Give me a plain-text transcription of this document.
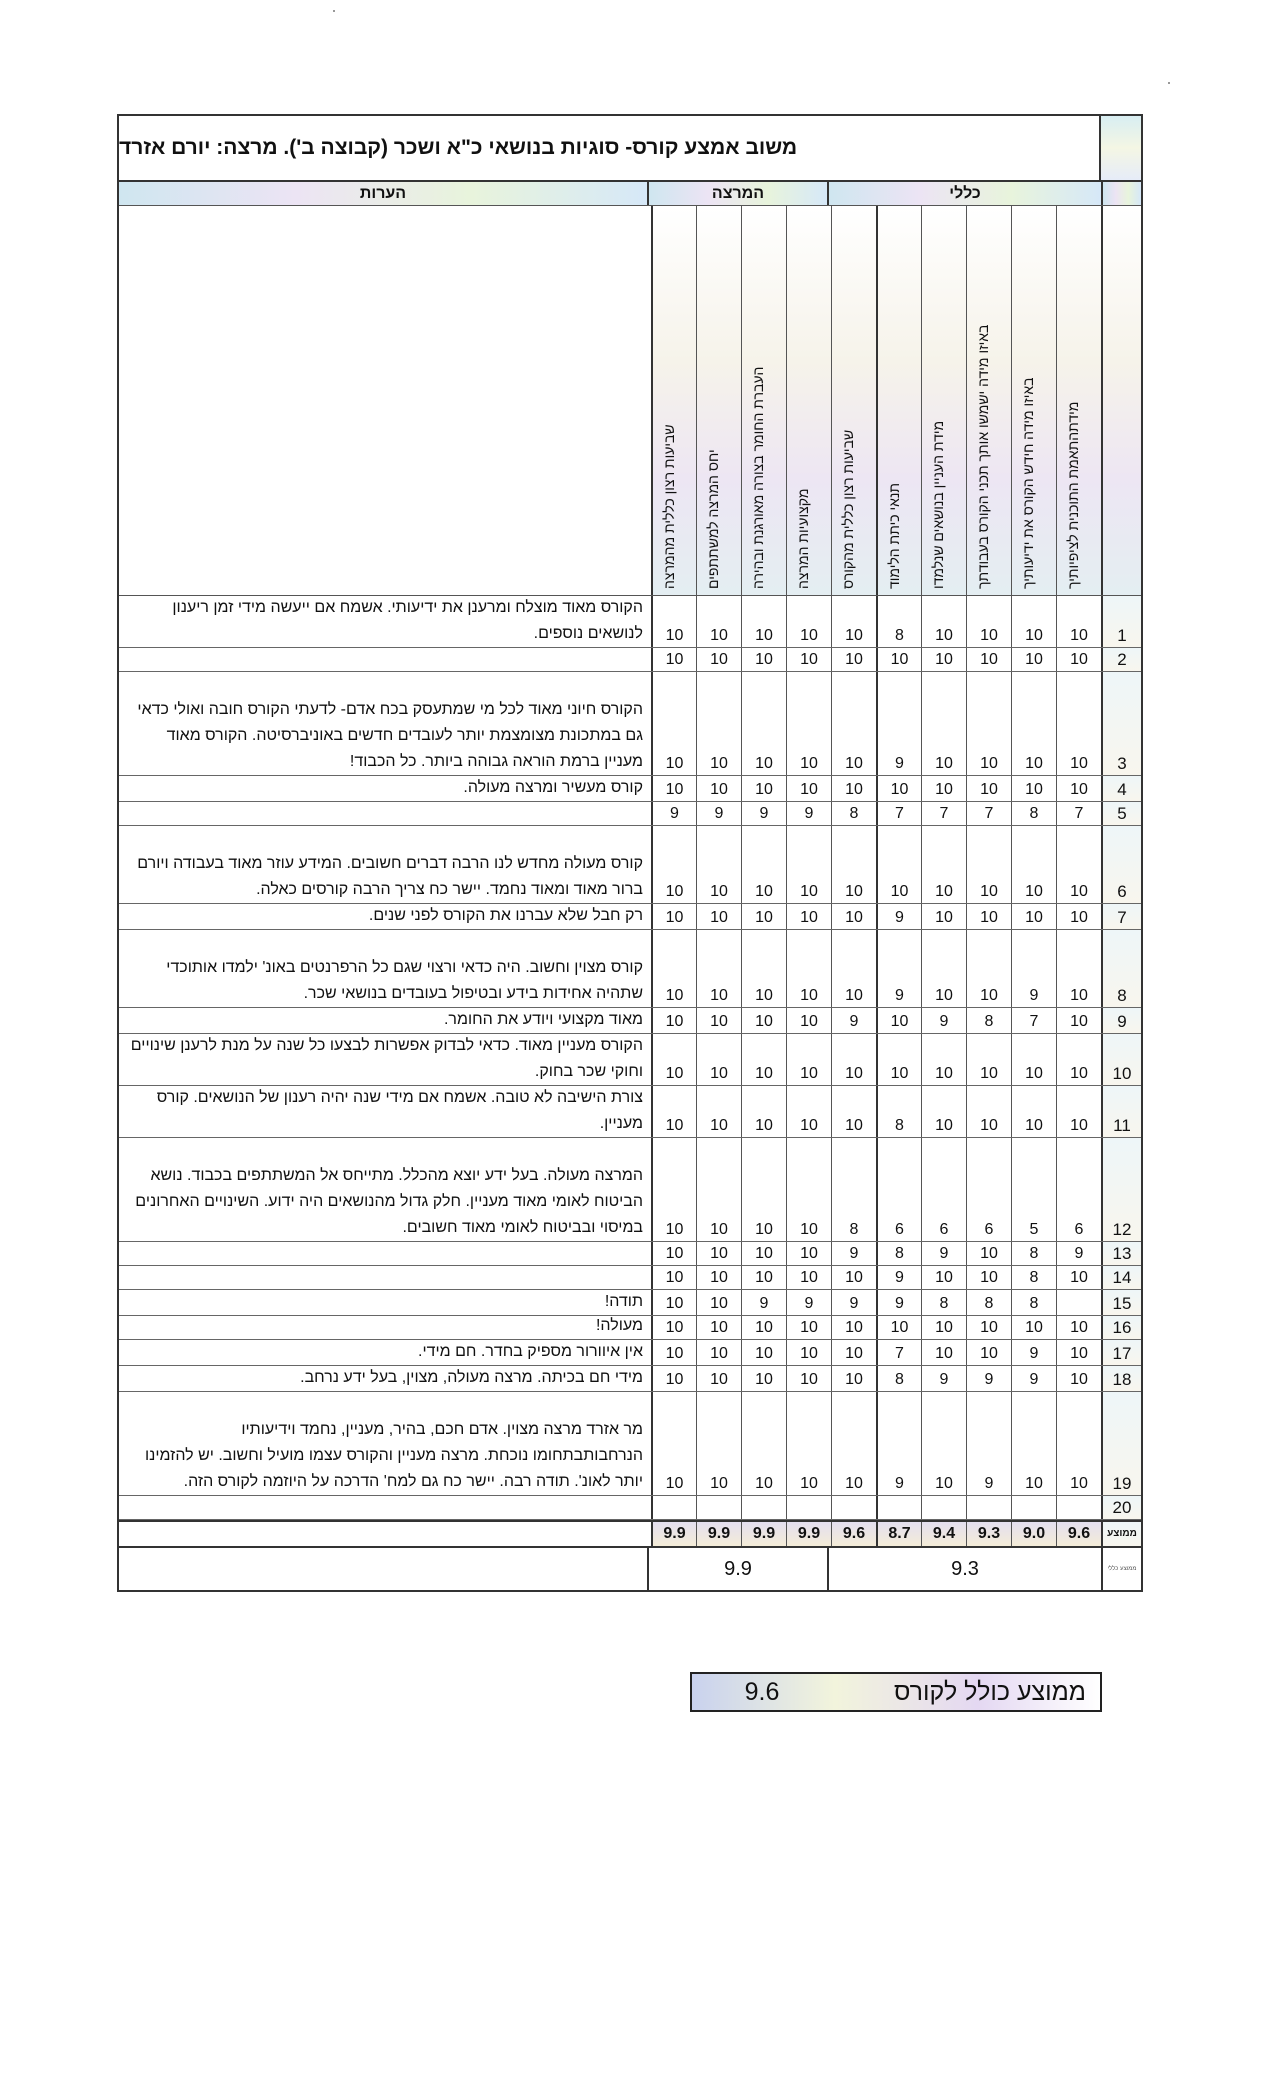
משוב אמצע קורס- סוגיות בנושאי כ"א ושכר (קבוצה ב'). מרצה: יורם אזרד
כללי
המרצה
הערות
מידתהתאמת התוכנית לציפיותיך
באיזו מידה חידש הקורס את ידיעותיך
באיזו מידה ישמשו אותך תכני הקורס בעבודתך
מידת העניין בנושאים שנלמדו
תנאי כיתת הלימוד
שביעות רצון כללית מהקורס
מקצועיות המרצה
העברת החומר בצורה מאורגנת ובהירה
יחס המרצה למשתתפים
שביעות רצון כללית מהמרצה
1
10
10
10
10
8
10
10
10
10
10
הקורס מאוד מוצלח ומרענן את ידיעותי. אשמח אם ייעשה מידי זמן ריענון לנושאים נוספים.
2
10
10
10
10
10
10
10
10
10
10
3
10
10
10
10
9
10
10
10
10
10
הקורס חיוני מאוד לכל מי שמתעסק בכח אדם- לדעתי הקורס חובה ואולי כדאי גם במתכונת מצומצמת יותר לעובדים חדשים באוניברסיטה. הקורס מאוד מעניין ברמת הוראה גבוהה ביותר. כל הכבוד!
4
10
10
10
10
10
10
10
10
10
10
קורס מעשיר ומרצה מעולה.
5
7
8
7
7
7
8
9
9
9
9
6
10
10
10
10
10
10
10
10
10
10
קורס מעולה מחדש לנו הרבה דברים חשובים. המידע עוזר מאוד בעבודה ויורם ברור מאוד ומאוד נחמד. יישר כח צריך הרבה קורסים כאלה.
7
10
10
10
10
9
10
10
10
10
10
רק חבל שלא עברנו את הקורס לפני שנים.
8
10
9
10
10
9
10
10
10
10
10
קורס מצוין וחשוב. היה כדאי ורצוי שגם כל הרפרנטים באונ' ילמדו אותוכדי שתהיה אחידות בידע ובטיפול בעובדים בנושאי שכר.
9
10
7
8
9
10
9
10
10
10
10
מאוד מקצועי ויודע את החומר.
10
10
10
10
10
10
10
10
10
10
10
הקורס מעניין מאוד. כדאי לבדוק אפשרות לבצעו כל שנה על מנת לרענן שינויים וחוקי שכר בחוק.
11
10
10
10
10
8
10
10
10
10
10
צורת הישיבה לא טובה. אשמח אם מידי שנה יהיה רענון של הנושאים. קורס מעניין.
12
6
5
6
6
6
8
10
10
10
10
המרצה מעולה. בעל ידע יוצא מהכלל. מתייחס אל המשתתפים בכבוד. נושא הביטוח לאומי מאוד מעניין. חלק גדול מהנושאים היה ידוע. השינויים האחרונים במיסוי ובביטוח לאומי מאוד חשובים.
13
9
8
10
9
8
9
10
10
10
10
14
10
8
10
10
9
10
10
10
10
10
15
8
8
8
9
9
9
9
10
10
תודה!
16
10
10
10
10
10
10
10
10
10
10
מעולה!
17
10
9
10
10
7
10
10
10
10
10
אין איוורור מספיק בחדר. חם מידי.
18
10
9
9
9
8
10
10
10
10
10
מידי חם בכיתה. מרצה מעולה, מצוין, בעל ידע נרחב.
19
10
10
9
10
9
10
10
10
10
10
מר אזרד מרצה מצוין. אדם חכם, בהיר, מעניין, נחמד וידיעותיו הנרחבותבתחומו נוכחת. מרצה מעניין והקורס עצמו מועיל וחשוב. יש להזמינו יותר לאונ'. תודה רבה. יישר כח גם למח' הדרכה על היוזמה לקורס הזה.
20
ממוצע
9.6
9.0
9.3
9.4
8.7
9.6
9.9
9.9
9.9
9.9
ממוצע כללי
9.3
9.9
ממוצע כולל לקורס
9.6
